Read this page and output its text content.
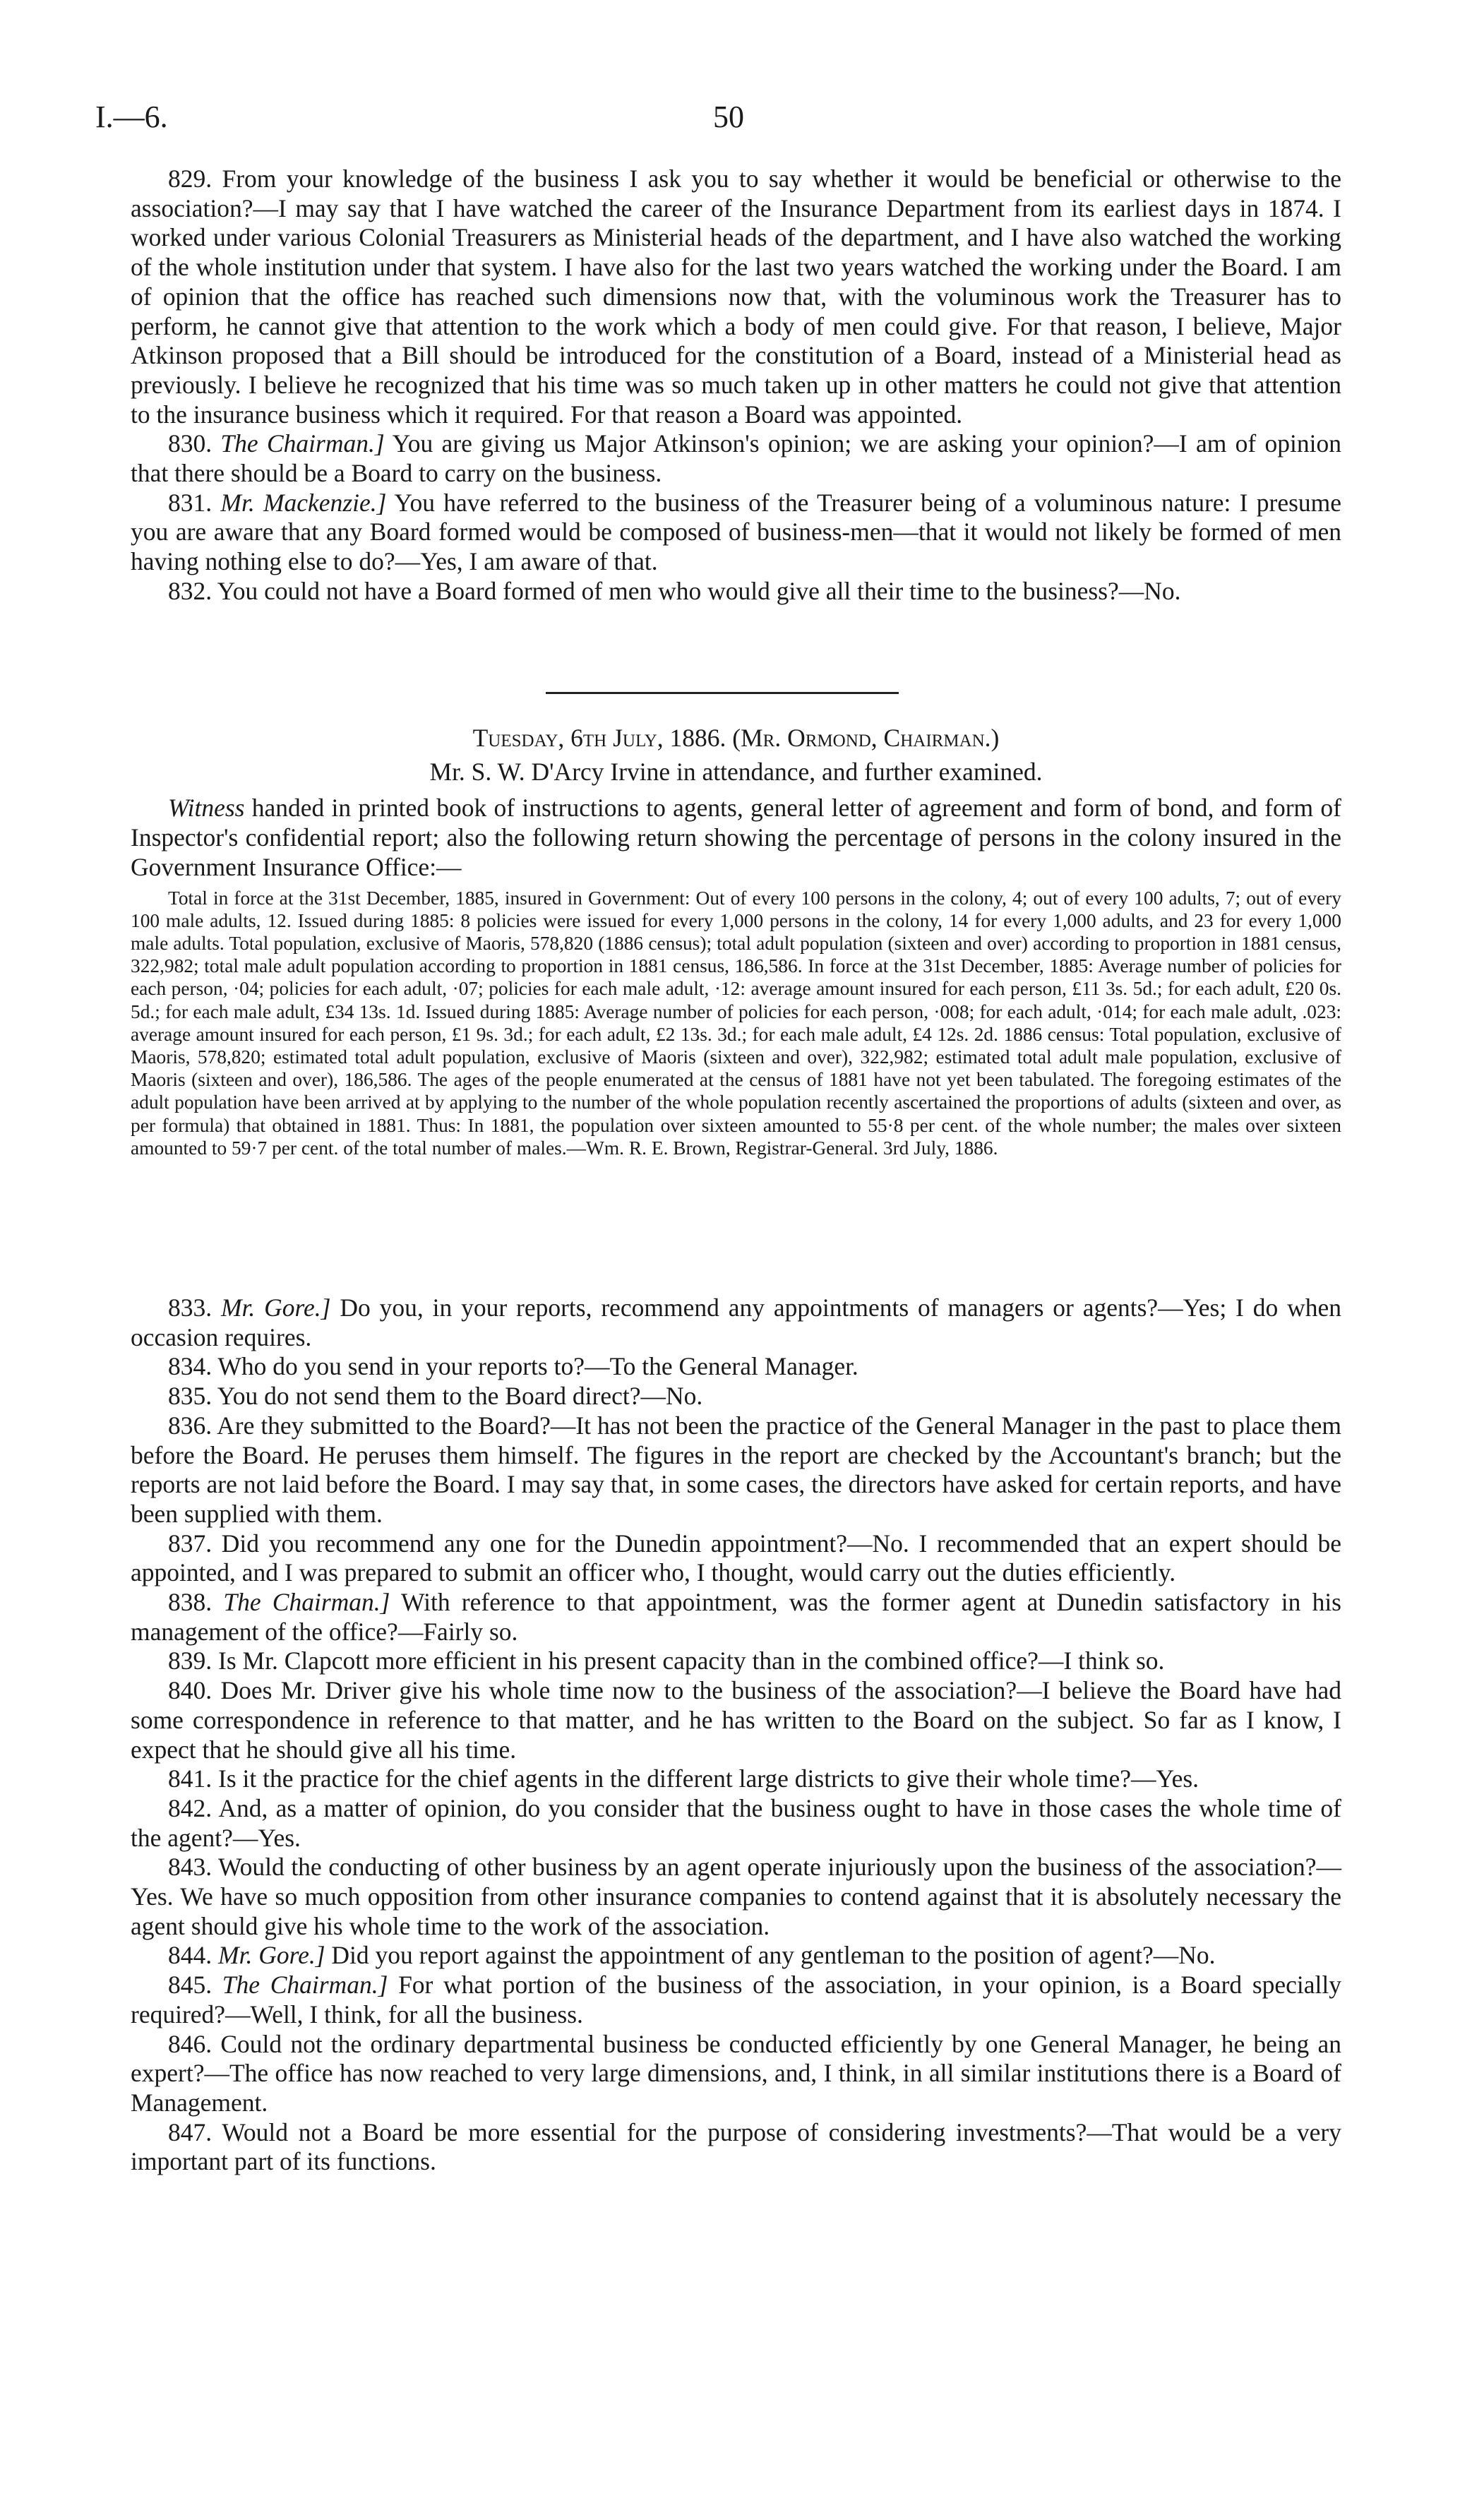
I.—6.	50

829. From your knowledge of the business I ask you to say whether it would be beneficial or otherwise to the association?—I may say that I have watched the career of the Insurance Department from its earliest days in 1874. I worked under various Colonial Treasurers as Ministerial heads of the department, and I have also watched the working of the whole institution under that system. I have also for the last two years watched the working under the Board. I am of opinion that the office has reached such dimensions now that, with the voluminous work the Treasurer has to perform, he cannot give that attention to the work which a body of men could give. For that reason, I believe, Major Atkinson proposed that a Bill should be introduced for the constitution of a Board, instead of a Ministerial head as previously. I believe he recognized that his time was so much taken up in other matters he could not give that attention to the insurance business which it required. For that reason a Board was appointed.

830. The Chairman.] You are giving us Major Atkinson's opinion; we are asking your opinion?—I am of opinion that there should be a Board to carry on the business.

831. Mr. Mackenzie.] You have referred to the business of the Treasurer being of a voluminous nature: I presume you are aware that any Board formed would be composed of business-men—that it would not likely be formed of men having nothing else to do?—Yes, I am aware of that.

832. You could not have a Board formed of men who would give all their time to the business?—No.

Tuesday, 6th July, 1886. (Mr. Ormond, Chairman.)

Mr. S. W. D'Arcy Irvine in attendance, and further examined.

Witness handed in printed book of instructions to agents, general letter of agreement and form of bond, and form of Inspector's confidential report; also the following return showing the percentage of persons in the colony insured in the Government Insurance Office:—

Total in force at the 31st December, 1885, insured in Government: Out of every 100 persons in the colony, 4; out of every 100 adults, 7; out of every 100 male adults, 12. Issued during 1885: 8 policies were issued for every 1,000 persons in the colony, 14 for every 1,000 adults, and 23 for every 1,000 male adults. Total population, exclusive of Maoris, 578,820 (1886 census); total adult population (sixteen and over) according to proportion in 1881 census, 322,982; total male adult population according to proportion in 1881 census, 186,586. In force at the 31st December, 1885: Average number of policies for each person, ·04; policies for each adult, ·07; policies for each male adult, ·12: average amount insured for each person, £11 3s. 5d.; for each adult, £20 0s. 5d.; for each male adult, £34 13s. 1d. Issued during 1885: Average number of policies for each person, ·008; for each adult, ·014; for each male adult, .023: average amount insured for each person, £1 9s. 3d.; for each adult, £2 13s. 3d.; for each male adult, £4 12s. 2d. 1886 census: Total population, exclusive of Maoris, 578,820; estimated total adult population, exclusive of Maoris (sixteen and over), 322,982; estimated total adult male population, exclusive of Maoris (sixteen and over), 186,586. The ages of the people enumerated at the census of 1881 have not yet been tabulated. The foregoing estimates of the adult population have been arrived at by applying to the number of the whole population recently ascertained the proportions of adults (sixteen and over, as per formula) that obtained in 1881. Thus: In 1881, the population over sixteen amounted to 55·8 per cent. of the whole number; the males over sixteen amounted to 59·7 per cent. of the total number of males.—Wm. R. E. Brown, Registrar-General. 3rd July, 1886.

833. Mr. Gore.] Do you, in your reports, recommend any appointments of managers or agents?—Yes; I do when occasion requires.

834. Who do you send in your reports to?—To the General Manager.

835. You do not send them to the Board direct?—No.

836. Are they submitted to the Board?—It has not been the practice of the General Manager in the past to place them before the Board. He peruses them himself. The figures in the report are checked by the Accountant's branch; but the reports are not laid before the Board. I may say that, in some cases, the directors have asked for certain reports, and have been supplied with them.

837. Did you recommend any one for the Dunedin appointment?—No. I recommended that an expert should be appointed, and I was prepared to submit an officer who, I thought, would carry out the duties efficiently.

838. The Chairman.] With reference to that appointment, was the former agent at Dunedin satisfactory in his management of the office?—Fairly so.

839. Is Mr. Clapcott more efficient in his present capacity than in the combined office?—I think so.

840. Does Mr. Driver give his whole time now to the business of the association?—I believe the Board have had some correspondence in reference to that matter, and he has written to the Board on the subject. So far as I know, I expect that he should give all his time.

841. Is it the practice for the chief agents in the different large districts to give their whole time?—Yes.

842. And, as a matter of opinion, do you consider that the business ought to have in those cases the whole time of the agent?—Yes.

843. Would the conducting of other business by an agent operate injuriously upon the business of the association?—Yes. We have so much opposition from other insurance companies to contend against that it is absolutely necessary the agent should give his whole time to the work of the association.

844. Mr. Gore.] Did you report against the appointment of any gentleman to the position of agent?—No.

845. The Chairman.] For what portion of the business of the association, in your opinion, is a Board specially required?—Well, I think, for all the business.

846. Could not the ordinary departmental business be conducted efficiently by one General Manager, he being an expert?—The office has now reached to very large dimensions, and, I think, in all similar institutions there is a Board of Management.

847. Would not a Board be more essential for the purpose of considering investments?—That would be a very important part of its functions.
